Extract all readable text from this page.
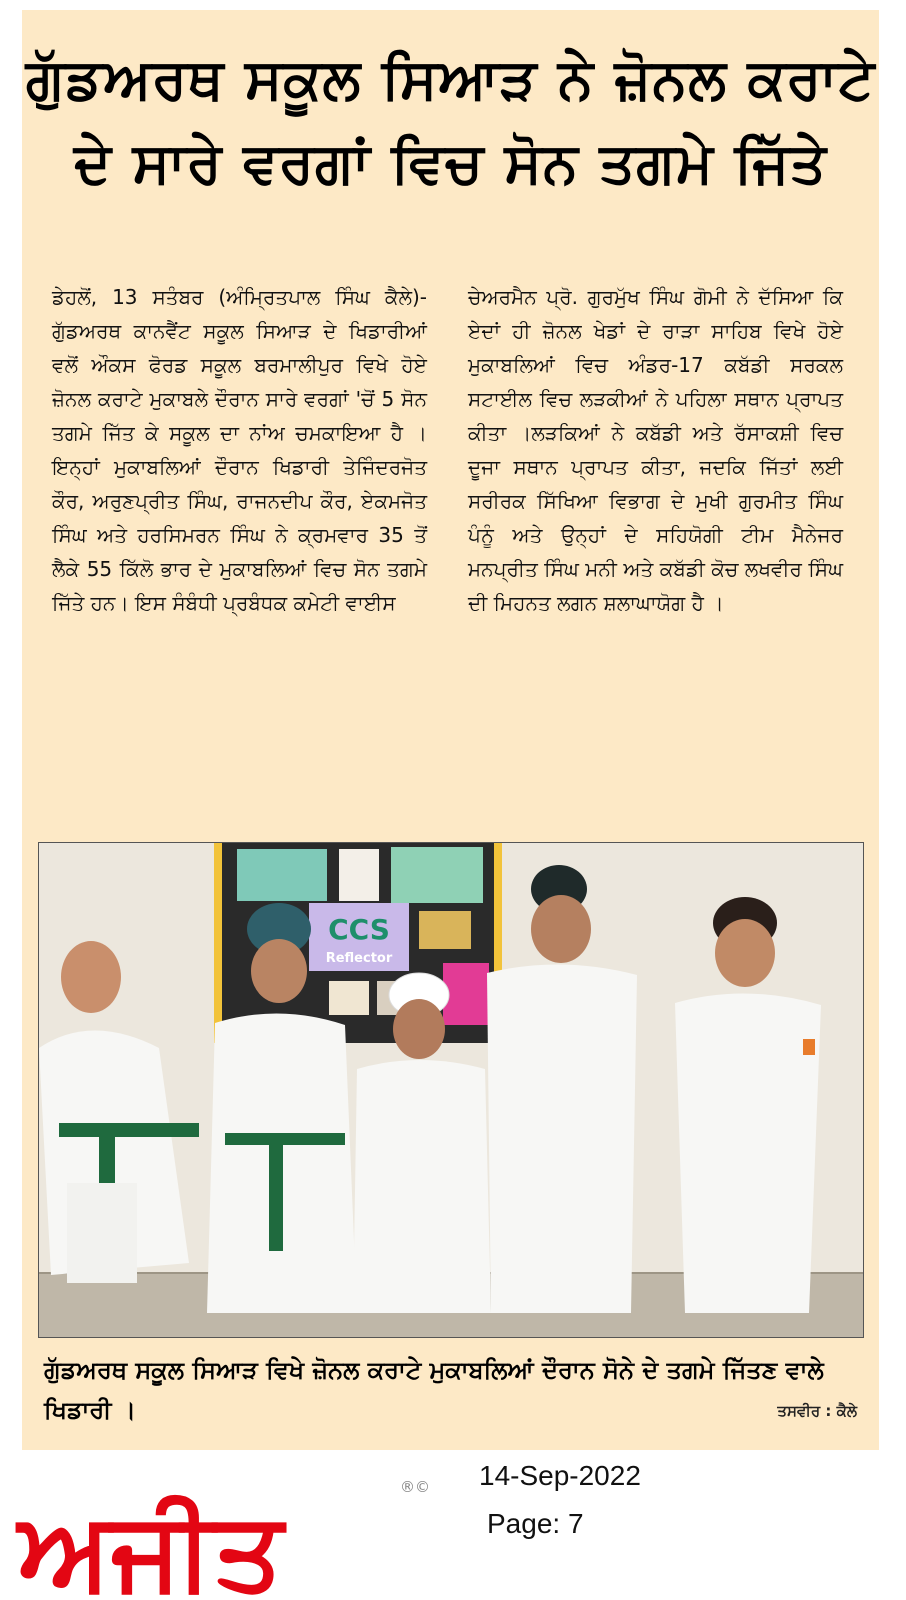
ਗੁੱਡਅਰਥ ਸਕੂਲ ਸਿਆੜ ਨੇ ਜ਼ੋਨਲ ਕਰਾਟੇ
ਦੇ ਸਾਰੇ ਵਰਗਾਂ ਵਿਚ ਸੋਨ ਤਗਮੇ ਜਿੱਤੇ
ਡੇਹਲੋਂ, 13 ਸਤੰਬਰ (ਅੰਮ੍ਰਿਤਪਾਲ ਸਿੰਘ ਕੈਲੇ)-ਗੁੱਡਅਰਥ ਕਾਨਵੈਂਟ ਸਕੂਲ ਸਿਆੜ ਦੇ ਖਿਡਾਰੀਆਂ ਵਲੋਂ ਔਕਸ ਫੋਰਡ ਸਕੂਲ ਬਰਮਾਲੀਪੁਰ ਵਿਖੇ ਹੋਏ ਜ਼ੋਨਲ ਕਰਾਟੇ ਮੁਕਾਬਲੇ ਦੌਰਾਨ ਸਾਰੇ ਵਰਗਾਂ 'ਚੋਂ 5 ਸੋਨ ਤਗਮੇ ਜਿੱਤ ਕੇ ਸਕੂਲ ਦਾ ਨਾਂਅ ਚਮਕਾਇਆ ਹੈ । ਇਨ੍ਹਾਂ ਮੁਕਾਬਲਿਆਂ ਦੌਰਾਨ ਖਿਡਾਰੀ ਤੇਜਿੰਦਰਜੋਤ ਕੌਰ, ਅਰੁਣਪ੍ਰੀਤ ਸਿੰਘ, ਰਾਜਨਦੀਪ ਕੌਰ, ਏਕਮਜੋਤ ਸਿੰਘ ਅਤੇ ਹਰਸਿਮਰਨ ਸਿੰਘ ਨੇ ਕ੍ਰਮਵਾਰ 35 ਤੋਂ ਲੈਕੇ 55 ਕਿੱਲੋ ਭਾਰ ਦੇ ਮੁਕਾਬਲਿਆਂ ਵਿਚ ਸੋਨ ਤਗਮੇ ਜਿੱਤੇ ਹਨ। ਇਸ ਸੰਬੰਧੀ ਪ੍ਰਬੰਧਕ ਕਮੇਟੀ ਵਾਈਸ
ਚੇਅਰਮੈਨ ਪ੍ਰੋ. ਗੁਰਮੁੱਖ ਸਿੰਘ ਗੋਮੀ ਨੇ ਦੱਸਿਆ ਕਿ ਏਦਾਂ ਹੀ ਜ਼ੋਨਲ ਖੇਡਾਂ ਦੇ ਰਾੜਾ ਸਾਹਿਬ ਵਿਖੇ ਹੋਏ ਮੁਕਾਬਲਿਆਂ ਵਿਚ ਅੰਡਰ-17 ਕਬੱਡੀ ਸਰਕਲ ਸਟਾਈਲ ਵਿਚ ਲੜਕੀਆਂ ਨੇ ਪਹਿਲਾ ਸਥਾਨ ਪ੍ਰਾਪਤ ਕੀਤਾ ।ਲੜਕਿਆਂ ਨੇ ਕਬੱਡੀ ਅਤੇ ਰੱਸਾਕਸ਼ੀ ਵਿਚ ਦੂਜਾ ਸਥਾਨ ਪ੍ਰਾਪਤ ਕੀਤਾ, ਜਦਕਿ ਜਿੱਤਾਂ ਲਈ ਸਰੀਰਕ ਸਿੱਖਿਆ ਵਿਭਾਗ ਦੇ ਮੁਖੀ ਗੁਰਮੀਤ ਸਿੰਘ ਪੰਨੂੰ ਅਤੇ ਉਨ੍ਹਾਂ ਦੇ ਸਹਿਯੋਗੀ ਟੀਮ ਮੈਨੇਜਰ ਮਨਪ੍ਰੀਤ ਸਿੰਘ ਮਨੀ ਅਤੇ ਕਬੱਡੀ ਕੋਚ ਲਖਵੀਰ ਸਿੰਘ ਦੀ ਮਿਹਨਤ ਲਗਨ ਸ਼ਲਾਘਾਯੋਗ ਹੈ ।
CCS
Reflector
ਗੁੱਡਅਰਥ ਸਕੂਲ ਸਿਆੜ ਵਿਖੇ ਜ਼ੋਨਲ ਕਰਾਟੇ ਮੁਕਾਬਲਿਆਂ ਦੌਰਾਨ ਸੋਨੇ ਦੇ ਤਗਮੇ ਜਿੱਤਣ ਵਾਲੇ ਖਿਡਾਰੀ ।	ਤਸਵੀਰ : ਕੈਲੇ
ਅਜੀਤ
®© 14-Sep-2022
Page: 7
